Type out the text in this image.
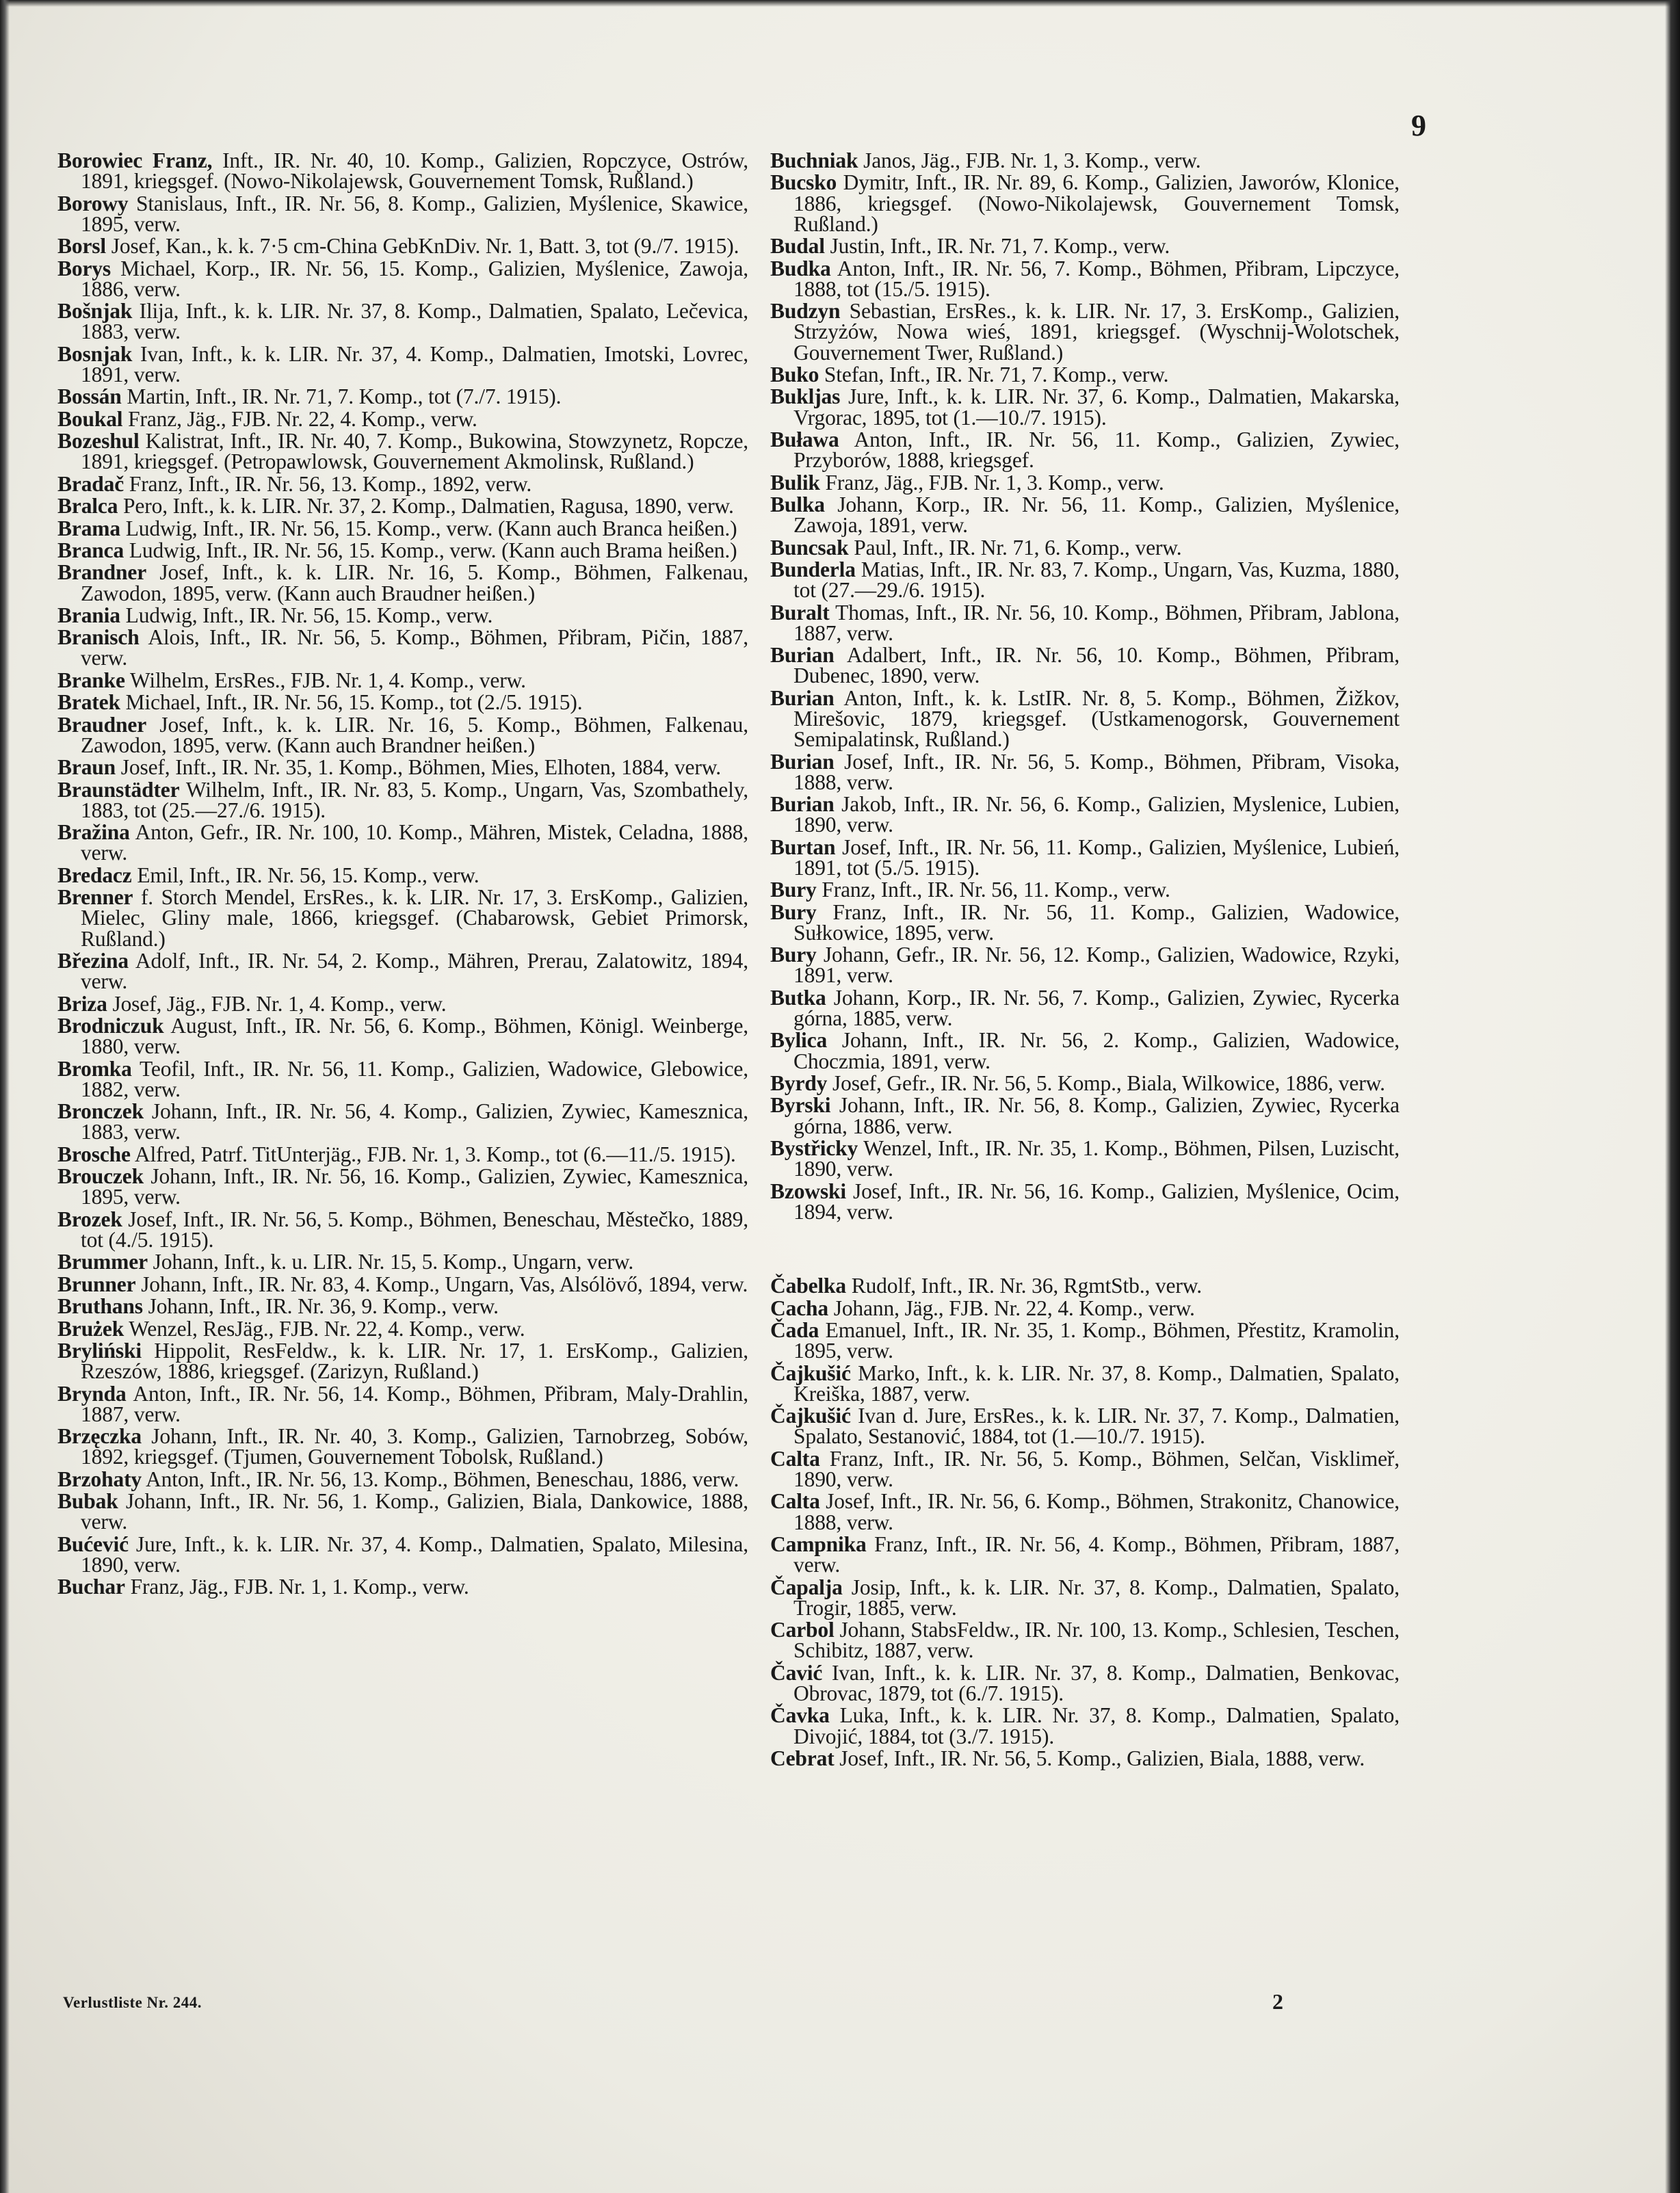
9

Borowiec Franz, Inft., IR. Nr. 40, 10. Komp., Galizien, Ropczyce, Ostrów, 1891, kriegsgef. (Nowo-Nikolajewsk, Gouvernement Tomsk, Rußland.)

Borowy Stanislaus, Inft., IR. Nr. 56, 8. Komp., Galizien, Myślenice, Skawice, 1895, verw.

Borsl Josef, Kan., k. k. 7·5 cm-China GebKnDiv. Nr. 1, Batt. 3, tot (9./7. 1915).

Borys Michael, Korp., IR. Nr. 56, 15. Komp., Galizien, Myślenice, Zawoja, 1886, verw.

Bošnjak Ilija, Inft., k. k. LIR. Nr. 37, 8. Komp., Dalmatien, Spalato, Lečevica, 1883, verw.

Bosnjak Ivan, Inft., k. k. LIR. Nr. 37, 4. Komp., Dalmatien, Imotski, Lovrec, 1891, verw.

Bossán Martin, Inft., IR. Nr. 71, 7. Komp., tot (7./7. 1915).

Boukal Franz, Jäg., FJB. Nr. 22, 4. Komp., verw.

Bozeshul Kalistrat, Inft., IR. Nr. 40, 7. Komp., Bukowina, Stowzynetz, Ropcze, 1891, kriegsgef. (Petropawlowsk, Gouvernement Akmolinsk, Rußland.)

Bradač Franz, Inft., IR. Nr. 56, 13. Komp., 1892, verw.

Bralca Pero, Inft., k. k. LIR. Nr. 37, 2. Komp., Dalmatien, Ragusa, 1890, verw.

Brama Ludwig, Inft., IR. Nr. 56, 15. Komp., verw. (Kann auch Branca heißen.)

Branca Ludwig, Inft., IR. Nr. 56, 15. Komp., verw. (Kann auch Brama heißen.)

Brandner Josef, Inft., k. k. LIR. Nr. 16, 5. Komp., Böhmen, Falkenau, Zawodon, 1895, verw. (Kann auch Braudner heißen.)

Brania Ludwig, Inft., IR. Nr. 56, 15. Komp., verw.

Branisch Alois, Inft., IR. Nr. 56, 5. Komp., Böhmen, Přibram, Pičin, 1887, verw.

Branke Wilhelm, ErsRes., FJB. Nr. 1, 4. Komp., verw.

Bratek Michael, Inft., IR. Nr. 56, 15. Komp., tot (2./5. 1915).

Braudner Josef, Inft., k. k. LIR. Nr. 16, 5. Komp., Böhmen, Falkenau, Zawodon, 1895, verw. (Kann auch Brandner heißen.)

Braun Josef, Inft., IR. Nr. 35, 1. Komp., Böhmen, Mies, Elhoten, 1884, verw.

Braunstädter Wilhelm, Inft., IR. Nr. 83, 5. Komp., Ungarn, Vas, Szombathely, 1883, tot (25.—27./6. 1915).

Bražina Anton, Gefr., IR. Nr. 100, 10. Komp., Mähren, Mistek, Celadna, 1888, verw.

Bredacz Emil, Inft., IR. Nr. 56, 15. Komp., verw.

Brenner f. Storch Mendel, ErsRes., k. k. LIR. Nr. 17, 3. ErsKomp., Galizien, Mielec, Gliny male, 1866, kriegsgef. (Chabarowsk, Gebiet Primorsk, Rußland.)

Březina Adolf, Inft., IR. Nr. 54, 2. Komp., Mähren, Prerau, Zalatowitz, 1894, verw.

Briza Josef, Jäg., FJB. Nr. 1, 4. Komp., verw.

Brodniczuk August, Inft., IR. Nr. 56, 6. Komp., Böhmen, Königl. Weinberge, 1880, verw.

Bromka Teofil, Inft., IR. Nr. 56, 11. Komp., Galizien, Wadowice, Glebowice, 1882, verw.

Bronczek Johann, Inft., IR. Nr. 56, 4. Komp., Galizien, Zywiec, Kamesznica, 1883, verw.

Brosche Alfred, Patrf. TitUnterjäg., FJB. Nr. 1, 3. Komp., tot (6.—11./5. 1915).

Brouczek Johann, Inft., IR. Nr. 56, 16. Komp., Galizien, Zywiec, Kamesznica, 1895, verw.

Brozek Josef, Inft., IR. Nr. 56, 5. Komp., Böhmen, Beneschau, Městečko, 1889, tot (4./5. 1915).

Brummer Johann, Inft., k. u. LIR. Nr. 15, 5. Komp., Ungarn, verw.

Brunner Johann, Inft., IR. Nr. 83, 4. Komp., Ungarn, Vas, Alsólövő, 1894, verw.

Bruthans Johann, Inft., IR. Nr. 36, 9. Komp., verw.

Brużek Wenzel, ResJäg., FJB. Nr. 22, 4. Komp., verw.

Bryliński Hippolit, ResFeldw., k. k. LIR. Nr. 17, 1. ErsKomp., Galizien, Rzeszów, 1886, kriegsgef. (Zarizyn, Rußland.)

Brynda Anton, Inft., IR. Nr. 56, 14. Komp., Böhmen, Přibram, Maly-Drahlin, 1887, verw.

Brzęczka Johann, Inft., IR. Nr. 40, 3. Komp., Galizien, Tarnobrzeg, Sobów, 1892, kriegsgef. (Tjumen, Gouvernement Tobolsk, Rußland.)

Brzohaty Anton, Inft., IR. Nr. 56, 13. Komp., Böhmen, Beneschau, 1886, verw.

Bubak Johann, Inft., IR. Nr. 56, 1. Komp., Galizien, Biala, Dankowice, 1888, verw.

Bućević Jure, Inft., k. k. LIR. Nr. 37, 4. Komp., Dalmatien, Spalato, Milesina, 1890, verw.

Buchar Franz, Jäg., FJB. Nr. 1, 1. Komp., verw.

Buchniak Janos, Jäg., FJB. Nr. 1, 3. Komp., verw.

Bucsko Dymitr, Inft., IR. Nr. 89, 6. Komp., Galizien, Jaworów, Klonice, 1886, kriegsgef. (Nowo-Nikolajewsk, Gouvernement Tomsk, Rußland.)

Budal Justin, Inft., IR. Nr. 71, 7. Komp., verw.

Budka Anton, Inft., IR. Nr. 56, 7. Komp., Böhmen, Přibram, Lipczyce, 1888, tot (15./5. 1915).

Budzyn Sebastian, ErsRes., k. k. LIR. Nr. 17, 3. ErsKomp., Galizien, Strzyżów, Nowa wieś, 1891, kriegsgef. (Wyschnij-Wolotschek, Gouvernement Twer, Rußland.)

Buko Stefan, Inft., IR. Nr. 71, 7. Komp., verw.

Bukljas Jure, Inft., k. k. LIR. Nr. 37, 6. Komp., Dalmatien, Makarska, Vrgorac, 1895, tot (1.—10./7. 1915).

Buława Anton, Inft., IR. Nr. 56, 11. Komp., Galizien, Zywiec, Przyborów, 1888, kriegsgef.

Bulik Franz, Jäg., FJB. Nr. 1, 3. Komp., verw.

Bulka Johann, Korp., IR. Nr. 56, 11. Komp., Galizien, Myślenice, Zawoja, 1891, verw.

Buncsak Paul, Inft., IR. Nr. 71, 6. Komp., verw.

Bunderla Matias, Inft., IR. Nr. 83, 7. Komp., Ungarn, Vas, Kuzma, 1880, tot (27.—29./6. 1915).

Buralt Thomas, Inft., IR. Nr. 56, 10. Komp., Böhmen, Přibram, Jablona, 1887, verw.

Burian Adalbert, Inft., IR. Nr. 56, 10. Komp., Böhmen, Přibram, Dubenec, 1890, verw.

Burian Anton, Inft., k. k. LstIR. Nr. 8, 5. Komp., Böhmen, Žižkov, Mirešovic, 1879, kriegsgef. (Ustkamenogorsk, Gouvernement Semipalatinsk, Rußland.)

Burian Josef, Inft., IR. Nr. 56, 5. Komp., Böhmen, Přibram, Visoka, 1888, verw.

Burian Jakob, Inft., IR. Nr. 56, 6. Komp., Galizien, Myslenice, Lubien, 1890, verw.

Burtan Josef, Inft., IR. Nr. 56, 11. Komp., Galizien, Myślenice, Lubień, 1891, tot (5./5. 1915).

Bury Franz, Inft., IR. Nr. 56, 11. Komp., verw.

Bury Franz, Inft., IR. Nr. 56, 11. Komp., Galizien, Wadowice, Sułkowice, 1895, verw.

Bury Johann, Gefr., IR. Nr. 56, 12. Komp., Galizien, Wadowice, Rzyki, 1891, verw.

Butka Johann, Korp., IR. Nr. 56, 7. Komp., Galizien, Zywiec, Rycerka górna, 1885, verw.

Bylica Johann, Inft., IR. Nr. 56, 2. Komp., Galizien, Wadowice, Choczmia, 1891, verw.

Byrdy Josef, Gefr., IR. Nr. 56, 5. Komp., Biala, Wilkowice, 1886, verw.

Byrski Johann, Inft., IR. Nr. 56, 8. Komp., Galizien, Zywiec, Rycerka górna, 1886, verw.

Bystřicky Wenzel, Inft., IR. Nr. 35, 1. Komp., Böhmen, Pilsen, Luzischt, 1890, verw.

Bzowski Josef, Inft., IR. Nr. 56, 16. Komp., Galizien, Myślenice, Ocim, 1894, verw.

Čabelka Rudolf, Inft., IR. Nr. 36, RgmtStb., verw.

Cacha Johann, Jäg., FJB. Nr. 22, 4. Komp., verw.

Čada Emanuel, Inft., IR. Nr. 35, 1. Komp., Böhmen, Přestitz, Kramolin, 1895, verw.

Čajkušić Marko, Inft., k. k. LIR. Nr. 37, 8. Komp., Dalmatien, Spalato, Kreiška, 1887, verw.

Čajkušić Ivan d. Jure, ErsRes., k. k. LIR. Nr. 37, 7. Komp., Dalmatien, Spalato, Sestanović, 1884, tot (1.—10./7. 1915).

Calta Franz, Inft., IR. Nr. 56, 5. Komp., Böhmen, Selčan, Visklimeř, 1890, verw.

Calta Josef, Inft., IR. Nr. 56, 6. Komp., Böhmen, Strakonitz, Chanowice, 1888, verw.

Campnika Franz, Inft., IR. Nr. 56, 4. Komp., Böhmen, Přibram, 1887, verw.

Čapalja Josip, Inft., k. k. LIR. Nr. 37, 8. Komp., Dalmatien, Spalato, Trogir, 1885, verw.

Carbol Johann, StabsFeldw., IR. Nr. 100, 13. Komp., Schlesien, Teschen, Schibitz, 1887, verw.

Čavić Ivan, Inft., k. k. LIR. Nr. 37, 8. Komp., Dalmatien, Benkovac, Obrovac, 1879, tot (6./7. 1915).

Čavka Luka, Inft., k. k. LIR. Nr. 37, 8. Komp., Dalmatien, Spalato, Divojić, 1884, tot (3./7. 1915).

Cebrat Josef, Inft., IR. Nr. 56, 5. Komp., Galizien, Biala, 1888, verw.

Verlustliste Nr. 244.	2
